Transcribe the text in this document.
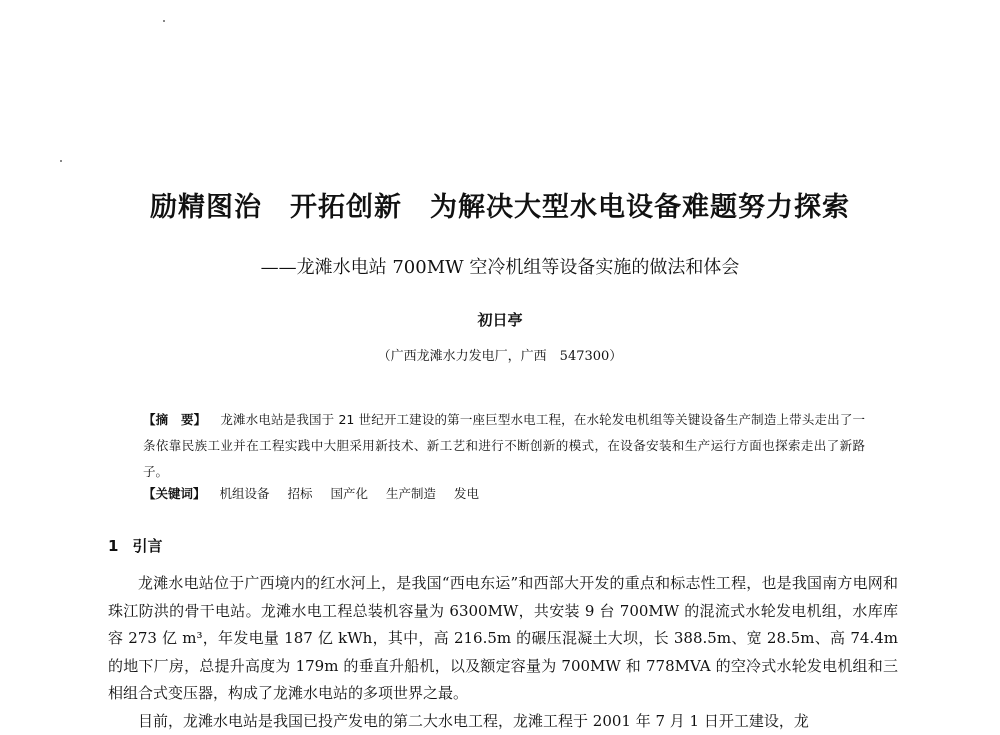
励精图治　开拓创新　为解决大型水电设备难题努力探索
——龙滩水电站 700MW 空冷机组等设备实施的做法和体会
初日亭
（广西龙滩水力发电厂，广西　547300）
【摘　要】 龙滩水电站是我国于 21 世纪开工建设的第一座巨型水电工程，在水轮发电机组等关键设备生产制造上带头走出了一条依靠民族工业并在工程实践中大胆采用新技术、新工艺和进行不断创新的模式，在设备安装和生产运行方面也探索走出了新路子。
【关键词】 机组设备 招标 国产化 生产制造 发电
1 引言

龙滩水电站位于广西境内的红水河上，是我国“西电东运”和西部大开发的重点和标志性工程，也是我国南方电网和珠江防洪的骨干电站。龙滩水电工程总装机容量为 6300MW，共安装 9 台 700MW 的混流式水轮发电机组，水库库容 273 亿 m³，年发电量 187 亿 kWh，其中，高 216.5m 的碾压混凝土大坝，长 388.5m、宽 28.5m、高 74.4m 的地下厂房，总提升高度为 179m 的垂直升船机，以及额定容量为 700MW 和 778MVA 的空冷式水轮发电机组和三相组合式变压器，构成了龙滩水电站的多项世界之最。

目前，龙滩水电站是我国已投产发电的第二大水电工程，龙滩工程于 2001 年 7 月 1 日开工建设，龙
